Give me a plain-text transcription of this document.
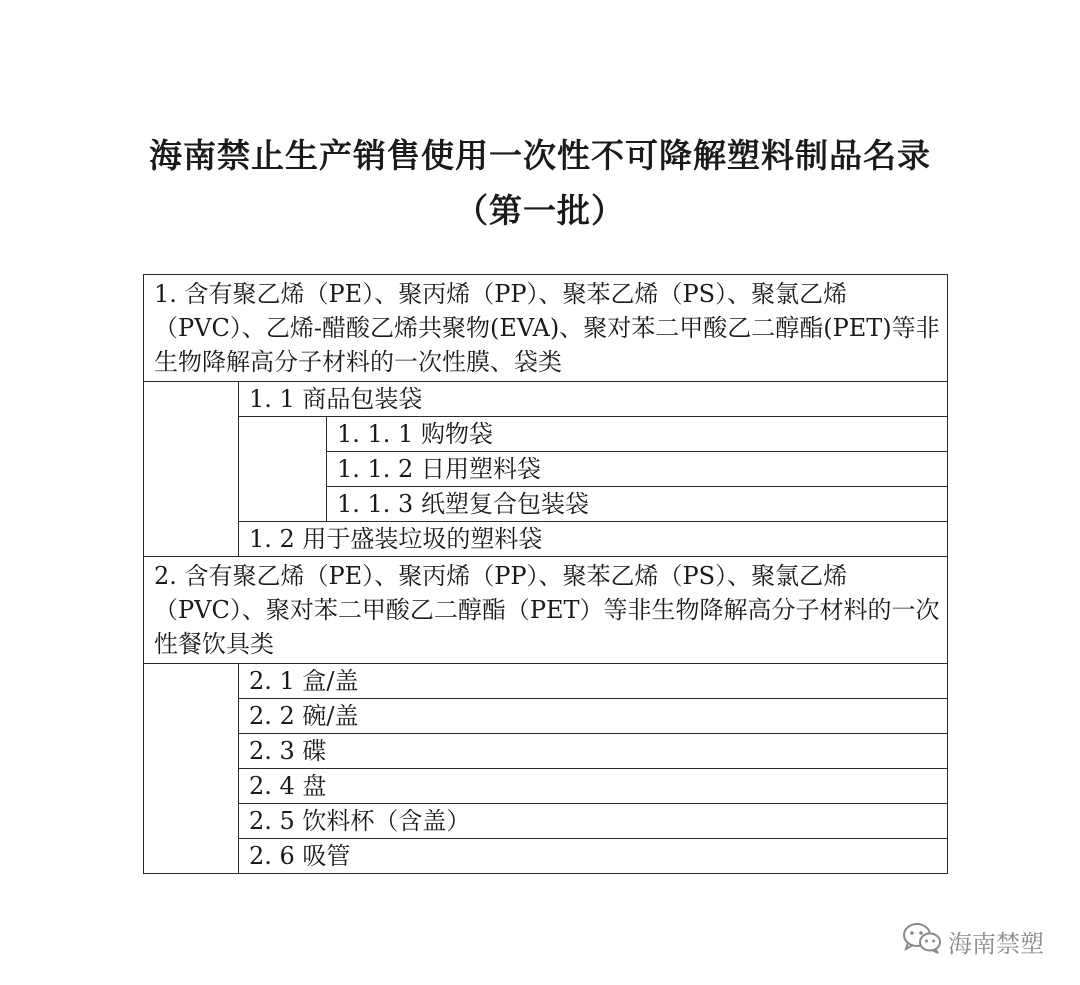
海南禁止生产销售使用一次性不可降解塑料制品名录
（第一批）
1. 含有聚乙烯（PE）、聚丙烯（PP）、聚苯乙烯（PS）、聚氯乙烯（PVC）、乙烯-醋酸乙烯共聚物(EVA)、聚对苯二甲酸乙二醇酯(PET)等非生物降解高分子材料的一次性膜、袋类		
	1. 1 商品包装袋	
		1. 1. 1 购物袋
		1. 1. 2 日用塑料袋
		1. 1. 3 纸塑复合包装袋
	1. 2 用于盛装垃圾的塑料袋	
2. 含有聚乙烯（PE）、聚丙烯（PP）、聚苯乙烯（PS）、聚氯乙烯（PVC）、聚对苯二甲酸乙二醇酯（PET）等非生物降解高分子材料的一次性餐饮具类		
	2. 1 盒/盖	
	2. 2 碗/盖	
	2. 3 碟	
	2. 4 盘	
	2. 5 饮料杯（含盖）	
	2. 6 吸管	
海南禁塑
